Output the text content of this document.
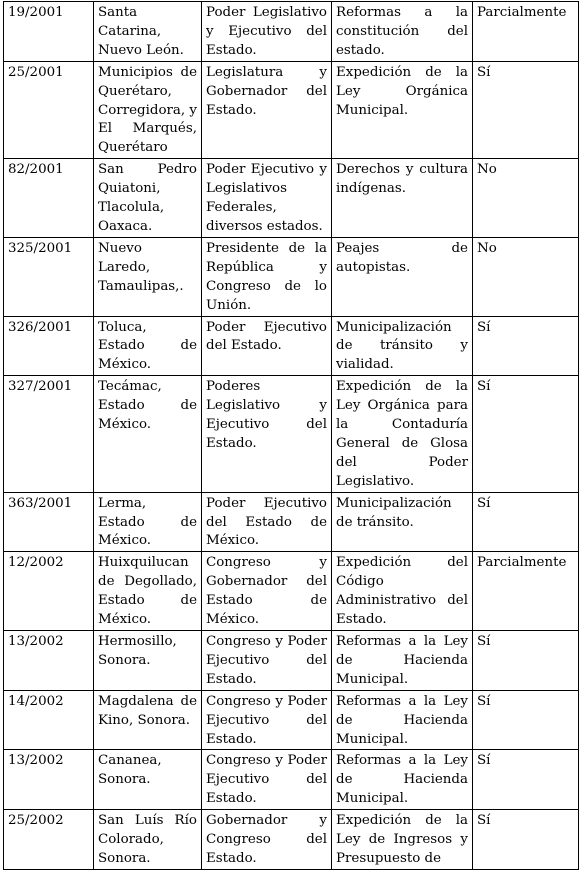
19/2001	Santa Catarina, Nuevo León.	Poder Legislativo y Ejecutivo del Estado.	Reformas a la constitución del estado.	Parcialmente
25/2001	Municipios de Querétaro, Corregidora, y El Marqués, Querétaro	Legislatura y Gobernador del Estado.	Expedición de la Ley Orgánica Municipal.	Sí
82/2001	San Pedro Quiatoni, Tlacolula, Oaxaca.	Poder Ejecutivo y Legislativos Federales, diversos estados.	Derechos y cultura indígenas.	No
325/2001	Nuevo Laredo, Tamaulipas,.	Presidente de la República y Congreso de lo Unión.	Peajes de autopistas.	No
326/2001	Toluca, Estado de México.	Poder Ejecutivo del Estado.	Municipalización de tránsito y vialidad.	Sí
327/2001	Tecámac, Estado de México.	Poderes Legislativo y Ejecutivo del Estado.	Expedición de la Ley Orgánica para la Contaduría General de Glosa del Poder Legislativo.	Sí
363/2001	Lerma, Estado de México.	Poder Ejecutivo del Estado de México.	Municipalización de tránsito.	Sí
12/2002	Huixquilucan de Degollado, Estado de México.	Congreso y Gobernador del Estado de México.	Expedición del Código Administrativo del Estado.	Parcialmente
13/2002	Hermosillo, Sonora.	Congreso y Poder Ejecutivo del Estado.	Reformas a la Ley de Hacienda Municipal.	Sí
14/2002	Magdalena de Kino, Sonora.	Congreso y Poder Ejecutivo del Estado.	Reformas a la Ley de Hacienda Municipal.	Sí
13/2002	Cananea, Sonora.	Congreso y Poder Ejecutivo del Estado.	Reformas a la Ley de Hacienda Municipal.	Sí
25/2002	San Luís Río Colorado, Sonora.	Gobernador y Congreso del Estado.	Expedición de la Ley de Ingresos y Presupuesto de	Sí
